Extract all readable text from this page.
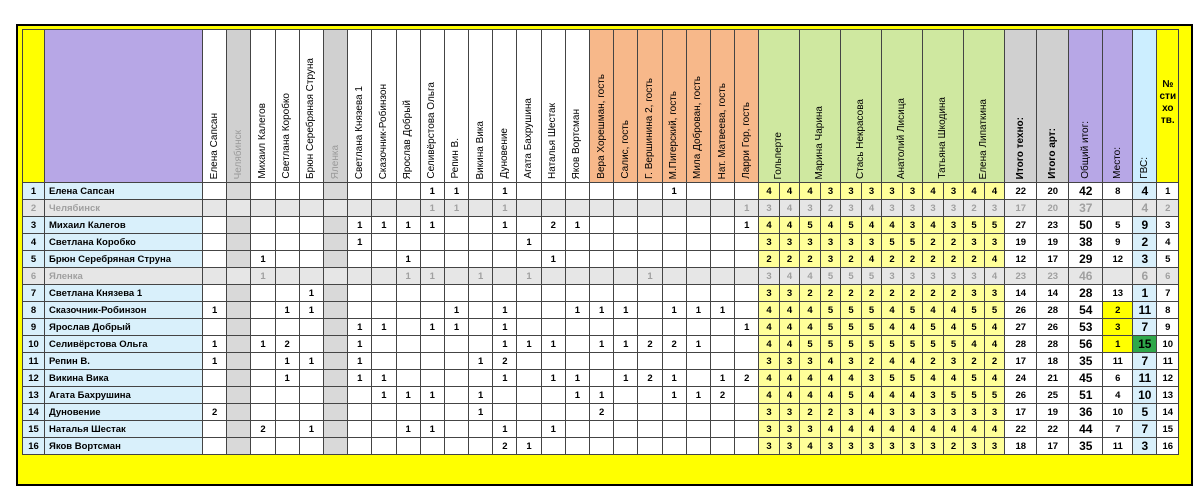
		Елена Сапсан	Челябинск	Михаил Калегов	Светлана Коробко	Брюн Серебряная Струна	Яленка	Светлана Князева 1	Сказочник-Робинзон	Ярослав Добрый	Селивёрстова Ольга	Репин В.	Викина Вика	Дуновение	Агата Бахрушина	Наталья Шестак	Яков Вортсман	Вера Хорешман, гость	Салис, гость	Г. Вершинина 2, гость	М.Пигерский, гость	Мила Доброван, гость	Нат. Матвеева, гость	Ларри Гор, гость	Гольперте		Марина Чарина		Стась Некрасова		Анатолий Лисица		Татьяна Шкодина		Елена Липаткина		Итого техно:	Итого арт:	Общий итог:	Место:	ГВС:	№ сти хо тв.
1	Елена Сапсан										1	1		1							1				4	4	4	3	3	3	3	3	4	3	4	4	22	20	42	8	4	1
2	Челябинск										1	1		1										1	3	4	3	2	3	4	3	3	3	3	2	3	17	20	37		4	2
3	Михаил Калегов							1	1	1	1			1		2	1							1	4	4	5	4	5	4	4	3	4	3	5	5	27	23	50	5	9	3
4	Светлана Коробко							1							1										3	3	3	3	3	3	5	5	2	2	3	3	19	19	38	9	2	4
5	Брюн Серебряная Струна			1						1						1									2	2	2	3	2	4	2	2	2	2	2	4	12	17	29	12	3	5
6	Яленка			1						1	1		1		1					1					3	4	4	5	5	5	3	3	3	3	3	4	23	23	46		6	6
7	Светлана Князева 1					1																			3	3	2	2	2	2	2	2	2	2	3	3	14	14	28	13	1	7
8	Сказочник-Робинзон	1			1	1						1		1			1	1	1		1	1	1		4	4	4	5	5	5	4	5	4	4	5	5	26	28	54	2	11	8
9	Ярослав Добрый							1	1		1	1		1										1	4	4	4	5	5	5	4	4	5	4	5	4	27	26	53	3	7	9
10	Селивёрстова Ольга	1		1	2			1						1	1	1		1	1	2	2	1			4	4	5	5	5	5	5	5	5	5	4	4	28	28	56	1	15	10
11	Репин В.	1			1	1		1					1	2											3	3	3	4	3	2	4	4	2	3	2	2	17	18	35	11	7	11
12	Викина Вика				1			1	1					1		1	1		1	2	1		1	2	4	4	4	4	4	3	5	5	4	4	5	4	24	21	45	6	11	12
13	Агата Бахрушина								1	1	1		1				1	1			1	1	2		4	4	4	4	5	4	4	4	3	5	5	5	26	25	51	4	10	13
14	Дуновение	2											1					2							3	3	2	2	3	4	3	3	3	3	3	3	17	19	36	10	5	14
15	Наталья Шестак			2		1				1	1			1		1									3	3	3	4	4	4	4	4	4	4	4	4	22	22	44	7	7	15
16	Яков Вортсман													2	1										3	3	4	3	3	3	3	3	3	2	3	3	18	17	35	11	3	16
